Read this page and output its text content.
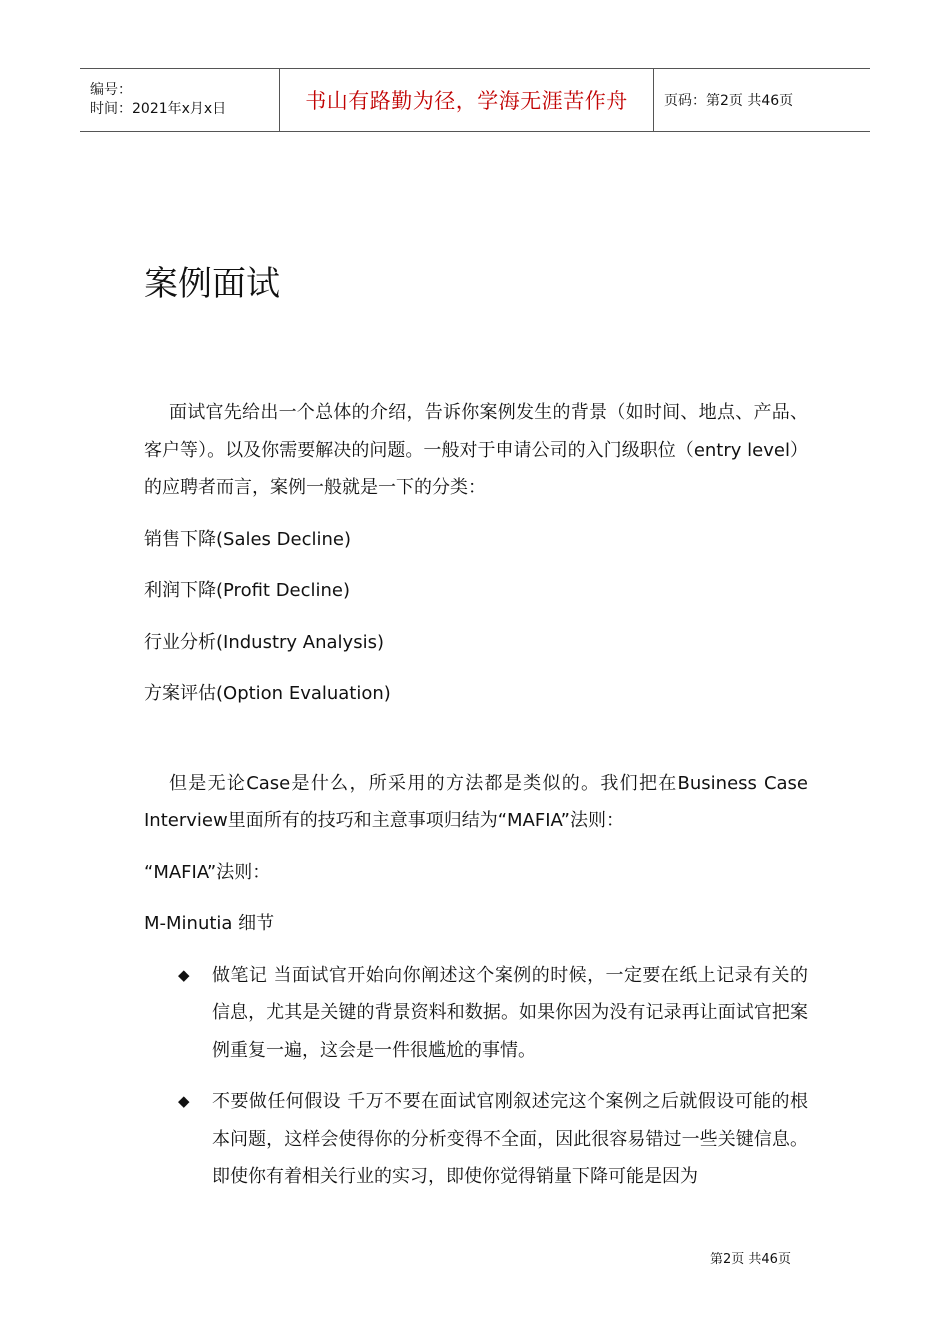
编号：
时间：2021年x月x日	书山有路勤为径，学海无涯苦作舟	页码：第2页 共46页
案例面试

面试官先给出一个总体的介绍，告诉你案例发生的背景（如时间、地点、产品、客户等）。以及你需要解决的问题。一般对于申请公司的入门级职位（entry level）的应聘者而言，案例一般就是一下的分类：

销售下降(Sales Decline)

利润下降(Profit Decline)

行业分析(Industry Analysis)

方案评估(Option Evaluation)

但是无论Case是什么，所采用的方法都是类似的。我们把在Business Case Interview里面所有的技巧和主意事项归结为“MAFIA”法则：

“MAFIA”法则：

M-Minutia 细节

◆ 做笔记 当面试官开始向你阐述这个案例的时候，一定要在纸上记录有关的信息，尤其是关键的背景资料和数据。如果你因为没有记录再让面试官把案例重复一遍，这会是一件很尴尬的事情。
◆ 不要做任何假设 千万不要在面试官刚叙述完这个案例之后就假设可能的根本问题，这样会使得你的分析变得不全面，因此很容易错过一些关键信息。即使你有着相关行业的实习，即使你觉得销量下降可能是因为
第2页 共46页
